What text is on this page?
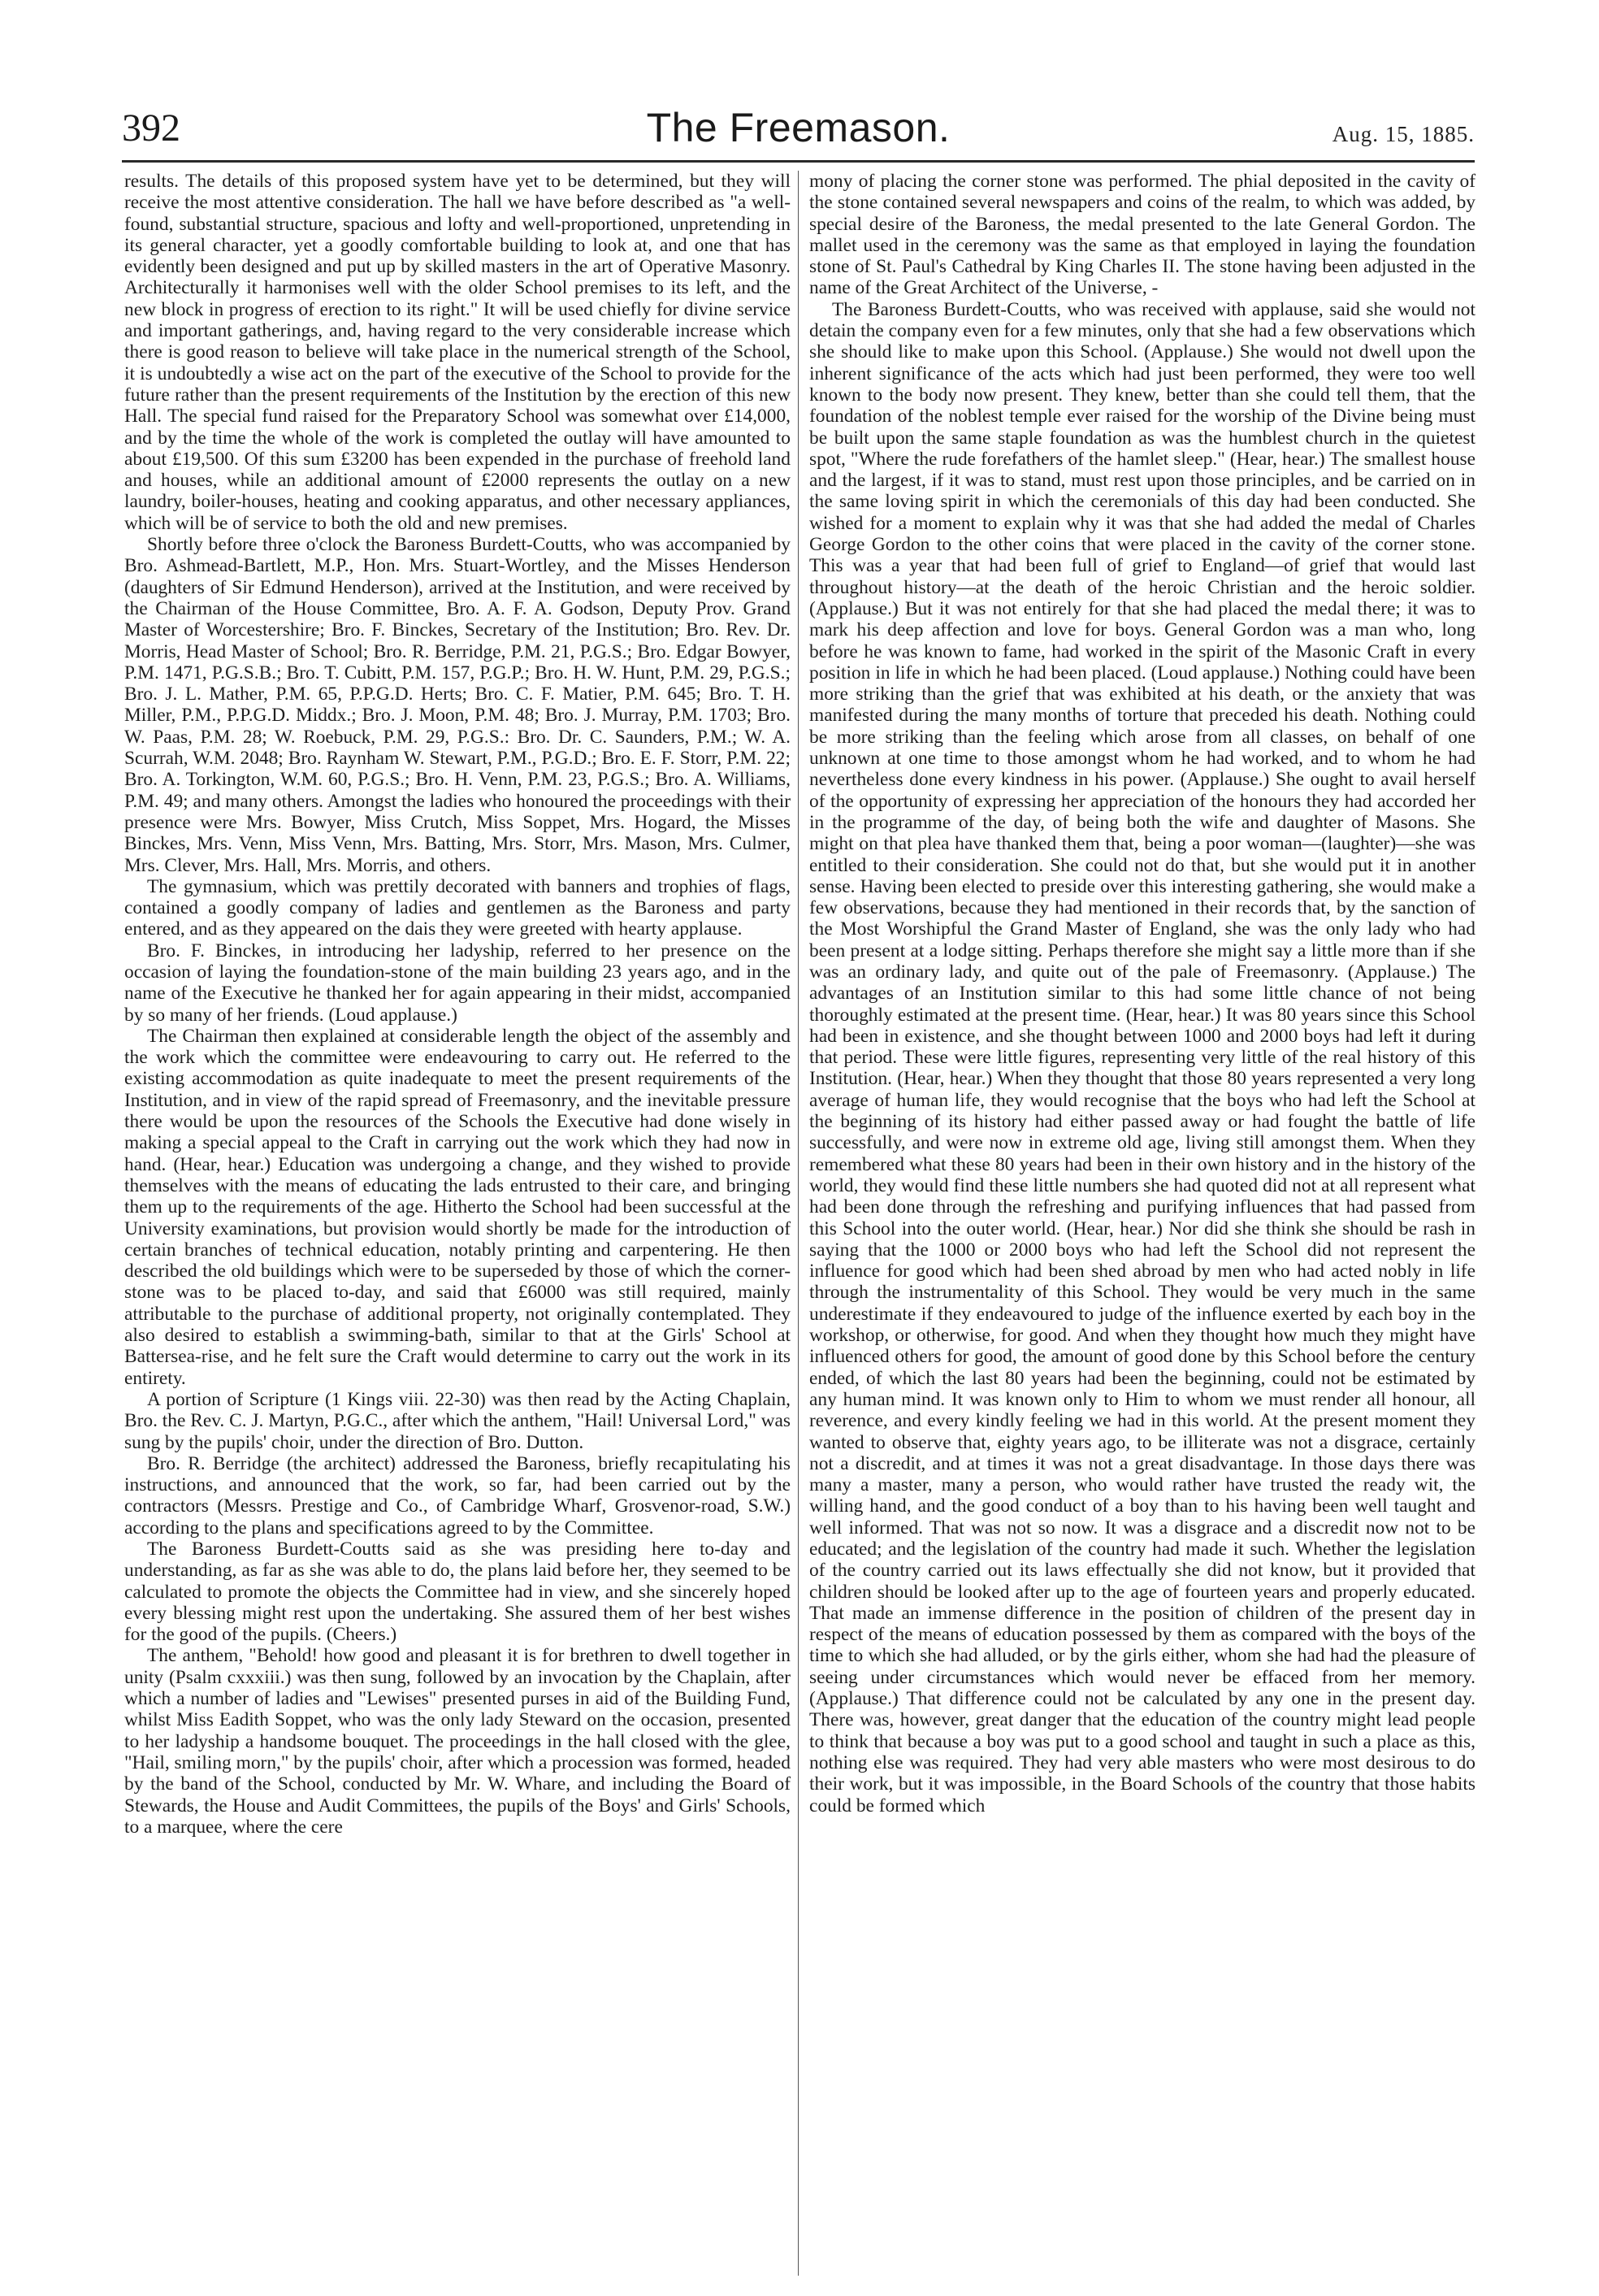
392	The Freemason.	Aug. 15, 1885.

results. The details of this proposed system have yet to be determined, but they will receive the most attentive consideration. The hall we have before described as "a well-found, substantial structure, spacious and lofty and well-proportioned, unpretending in its general character, yet a goodly comfortable building to look at, and one that has evidently been designed and put up by skilled masters in the art of Operative Masonry. Architecturally it harmonises well with the older School premises to its left, and the new block in progress of erection to its right." It will be used chiefly for divine service and important gatherings, and, having regard to the very considerable increase which there is good reason to believe will take place in the numerical strength of the School, it is undoubtedly a wise act on the part of the executive of the School to provide for the future rather than the present requirements of the Institution by the erection of this new Hall. The special fund raised for the Preparatory School was somewhat over £14,000, and by the time the whole of the work is completed the outlay will have amounted to about £19,500. Of this sum £3200 has been expended in the purchase of freehold land and houses, while an additional amount of £2000 represents the outlay on a new laundry, boiler-houses, heating and cooking apparatus, and other necessary appliances, which will be of service to both the old and new premises.

Shortly before three o'clock the Baroness Burdett-Coutts, who was accompanied by Bro. Ashmead-Bartlett, M.P., Hon. Mrs. Stuart-Wortley, and the Misses Henderson (daughters of Sir Edmund Henderson), arrived at the Institution, and were received by the Chairman of the House Committee, Bro. A. F. A. Godson, Deputy Prov. Grand Master of Worcestershire; Bro. F. Binckes, Secretary of the Institution; Bro. Rev. Dr. Morris, Head Master of School; Bro. R. Berridge, P.M. 21, P.G.S.; Bro. Edgar Bowyer, P.M. 1471, P.G.S.B.; Bro. T. Cubitt, P.M. 157, P.G.P.; Bro. H. W. Hunt, P.M. 29, P.G.S.; Bro. J. L. Mather, P.M. 65, P.P.G.D. Herts; Bro. C. F. Matier, P.M. 645; Bro. T. H. Miller, P.M., P.P.G.D. Middx.; Bro. J. Moon, P.M. 48; Bro. J. Murray, P.M. 1703; Bro. W. Paas, P.M. 28; W. Roebuck, P.M. 29, P.G.S.: Bro. Dr. C. Saunders, P.M.; W. A. Scurrah, W.M. 2048; Bro. Raynham W. Stewart, P.M., P.G.D.; Bro. E. F. Storr, P.M. 22; Bro. A. Torkington, W.M. 60, P.G.S.; Bro. H. Venn, P.M. 23, P.G.S.; Bro. A. Williams, P.M. 49; and many others. Amongst the ladies who honoured the proceedings with their presence were Mrs. Bowyer, Miss Crutch, Miss Soppet, Mrs. Hogard, the Misses Binckes, Mrs. Venn, Miss Venn, Mrs. Batting, Mrs. Storr, Mrs. Mason, Mrs. Culmer, Mrs. Clever, Mrs. Hall, Mrs. Morris, and others.

The gymnasium, which was prettily decorated with banners and trophies of flags, contained a goodly company of ladies and gentlemen as the Baroness and party entered, and as they appeared on the dais they were greeted with hearty applause.

Bro. F. Binckes, in introducing her ladyship, referred to her presence on the occasion of laying the foundation-stone of the main building 23 years ago, and in the name of the Executive he thanked her for again appearing in their midst, accompanied by so many of her friends. (Loud applause.)

The Chairman then explained at considerable length the object of the assembly and the work which the committee were endeavouring to carry out. He referred to the existing accommodation as quite inadequate to meet the present requirements of the Institution, and in view of the rapid spread of Freemasonry, and the inevitable pressure there would be upon the resources of the Schools the Executive had done wisely in making a special appeal to the Craft in carrying out the work which they had now in hand. (Hear, hear.) Education was undergoing a change, and they wished to provide themselves with the means of educating the lads entrusted to their care, and bringing them up to the requirements of the age. Hitherto the School had been successful at the University examinations, but provision would shortly be made for the introduction of certain branches of technical education, notably printing and carpentering. He then described the old buildings which were to be superseded by those of which the corner-stone was to be placed to-day, and said that £6000 was still required, mainly attributable to the purchase of additional property, not originally contemplated. They also desired to establish a swimming-bath, similar to that at the Girls' School at Battersea-rise, and he felt sure the Craft would determine to carry out the work in its entirety.

A portion of Scripture (1 Kings viii. 22-30) was then read by the Acting Chaplain, Bro. the Rev. C. J. Martyn, P.G.C., after which the anthem, "Hail! Universal Lord," was sung by the pupils' choir, under the direction of Bro. Dutton.

Bro. R. Berridge (the architect) addressed the Baroness, briefly recapitulating his instructions, and announced that the work, so far, had been carried out by the contractors (Messrs. Prestige and Co., of Cambridge Wharf, Grosvenor-road, S.W.) according to the plans and specifications agreed to by the Committee.

The Baroness Burdett-Coutts said as she was presiding here to-day and understanding, as far as she was able to do, the plans laid before her, they seemed to be calculated to promote the objects the Committee had in view, and she sincerely hoped every blessing might rest upon the undertaking. She assured them of her best wishes for the good of the pupils. (Cheers.)

The anthem, "Behold! how good and pleasant it is for brethren to dwell together in unity (Psalm cxxxiii.) was then sung, followed by an invocation by the Chaplain, after which a number of ladies and "Lewises" presented purses in aid of the Building Fund, whilst Miss Eadith Soppet, who was the only lady Steward on the occasion, presented to her ladyship a handsome bouquet. The proceedings in the hall closed with the glee, "Hail, smiling morn," by the pupils' choir, after which a procession was formed, headed by the band of the School, conducted by Mr. W. Whare, and including the Board of Stewards, the House and Audit Committees, the pupils of the Boys' and Girls' Schools, to a marquee, where the cere

mony of placing the corner stone was performed. The phial deposited in the cavity of the stone contained several newspapers and coins of the realm, to which was added, by special desire of the Baroness, the medal presented to the late General Gordon. The mallet used in the ceremony was the same as that employed in laying the foundation stone of St. Paul's Cathedral by King Charles II. The stone having been adjusted in the name of the Great Architect of the Universe, -

The Baroness Burdett-Coutts, who was received with applause, said she would not detain the company even for a few minutes, only that she had a few observations which she should like to make upon this School. (Applause.) She would not dwell upon the inherent significance of the acts which had just been performed, they were too well known to the body now present. They knew, better than she could tell them, that the foundation of the noblest temple ever raised for the worship of the Divine being must be built upon the same staple foundation as was the humblest church in the quietest spot, "Where the rude forefathers of the hamlet sleep." (Hear, hear.) The smallest house and the largest, if it was to stand, must rest upon those principles, and be carried on in the same loving spirit in which the ceremonials of this day had been conducted. She wished for a moment to explain why it was that she had added the medal of Charles George Gordon to the other coins that were placed in the cavity of the corner stone. This was a year that had been full of grief to England—of grief that would last throughout history—at the death of the heroic Christian and the heroic soldier. (Applause.) But it was not entirely for that she had placed the medal there; it was to mark his deep affection and love for boys. General Gordon was a man who, long before he was known to fame, had worked in the spirit of the Masonic Craft in every position in life in which he had been placed. (Loud applause.) Nothing could have been more striking than the grief that was exhibited at his death, or the anxiety that was manifested during the many months of torture that preceded his death. Nothing could be more striking than the feeling which arose from all classes, on behalf of one unknown at one time to those amongst whom he had worked, and to whom he had nevertheless done every kindness in his power. (Applause.) She ought to avail herself of the opportunity of expressing her appreciation of the honours they had accorded her in the programme of the day, of being both the wife and daughter of Masons. She might on that plea have thanked them that, being a poor woman—(laughter)—she was entitled to their consideration. She could not do that, but she would put it in another sense. Having been elected to preside over this interesting gathering, she would make a few observations, because they had mentioned in their records that, by the sanction of the Most Worshipful the Grand Master of England, she was the only lady who had been present at a lodge sitting. Perhaps therefore she might say a little more than if she was an ordinary lady, and quite out of the pale of Freemasonry. (Applause.) The advantages of an Institution similar to this had some little chance of not being thoroughly estimated at the present time. (Hear, hear.) It was 80 years since this School had been in existence, and she thought between 1000 and 2000 boys had left it during that period. These were little figures, representing very little of the real history of this Institution. (Hear, hear.) When they thought that those 80 years represented a very long average of human life, they would recognise that the boys who had left the School at the beginning of its history had either passed away or had fought the battle of life successfully, and were now in extreme old age, living still amongst them. When they remembered what these 80 years had been in their own history and in the history of the world, they would find these little numbers she had quoted did not at all represent what had been done through the refreshing and purifying influences that had passed from this School into the outer world. (Hear, hear.) Nor did she think she should be rash in saying that the 1000 or 2000 boys who had left the School did not represent the influence for good which had been shed abroad by men who had acted nobly in life through the instrumentality of this School. They would be very much in the same underestimate if they endeavoured to judge of the influence exerted by each boy in the workshop, or otherwise, for good. And when they thought how much they might have influenced others for good, the amount of good done by this School before the century ended, of which the last 80 years had been the beginning, could not be estimated by any human mind. It was known only to Him to whom we must render all honour, all reverence, and every kindly feeling we had in this world. At the present moment they wanted to observe that, eighty years ago, to be illiterate was not a disgrace, certainly not a discredit, and at times it was not a great disadvantage. In those days there was many a master, many a person, who would rather have trusted the ready wit, the willing hand, and the good conduct of a boy than to his having been well taught and well informed. That was not so now. It was a disgrace and a discredit now not to be educated; and the legislation of the country had made it such. Whether the legislation of the country carried out its laws effectually she did not know, but it provided that children should be looked after up to the age of fourteen years and properly educated. That made an immense difference in the position of children of the present day in respect of the means of education possessed by them as compared with the boys of the time to which she had alluded, or by the girls either, whom she had had the pleasure of seeing under circumstances which would never be effaced from her memory. (Applause.) That difference could not be calculated by any one in the present day. There was, however, great danger that the education of the country might lead people to think that because a boy was put to a good school and taught in such a place as this, nothing else was required. They had very able masters who were most desirous to do their work, but it was impossible, in the Board Schools of the country that those habits could be formed which
